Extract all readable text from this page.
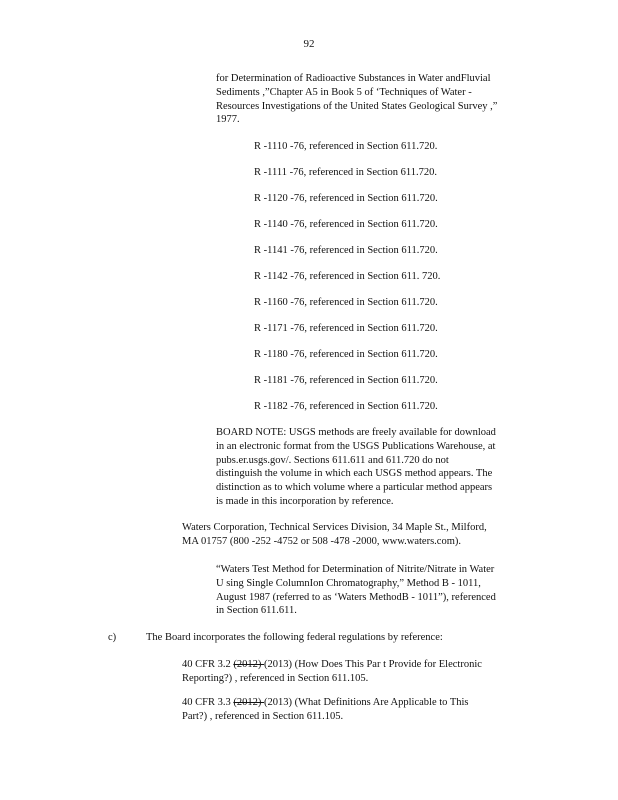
92
for Determination of Radioactive Substances in Water andFluvial
Sediments ,”Chapter A5 in Book 5 of ‘Techniques of Water -
Resources Investigations of the United States Geological Survey ,”
1977.
R -1110 -76, referenced in Section 611.720.
R -1111 -76, referenced in Section 611.720.
R -1120 -76, referenced in Section 611.720.
R -1140 -76, referenced in Section 611.720.
R -1141 -76, referenced in Section 611.720.
R -1142 -76, referenced in Section 611. 720.
R -1160 -76, referenced in Section 611.720.
R -1171 -76, referenced in Section 611.720.
R -1180 -76, referenced in Section 611.720.
R -1181 -76, referenced in Section 611.720.
R -1182 -76, referenced in Section 611.720.
BOARD NOTE: USGS methods are freely available for download
in an electronic format from the USGS Publications Warehouse, at
pubs.er.usgs.gov/. Sections 611.611 and 611.720 do not
distinguish the volume in which each USGS method appears. The
distinction as to which volume where a particular method appears
is made in this incorporation by reference.
Waters Corporation, Technical Services Division, 34 Maple St., Milford,
MA 01757 (800 -252 -4752 or 508 -478 -2000, www.waters.com).
“Waters Test Method for Determination of Nitrite/Nitrate in Water
U sing Single ColumnIon Chromatography,” Method B - 1011,
August 1987 (referred to as ‘Waters MethodB - 1011”), referenced
in Section 611.611.
c)	The Board incorporates the following federal regulations by reference:
40 CFR 3.2 (2012) (2013) (How Does This Par t Provide for Electronic
Reporting?) , referenced in Section 611.105.
40 CFR 3.3 (2012) (2013) (What Definitions Are Applicable to This
Part?) , referenced in Section 611.105.
